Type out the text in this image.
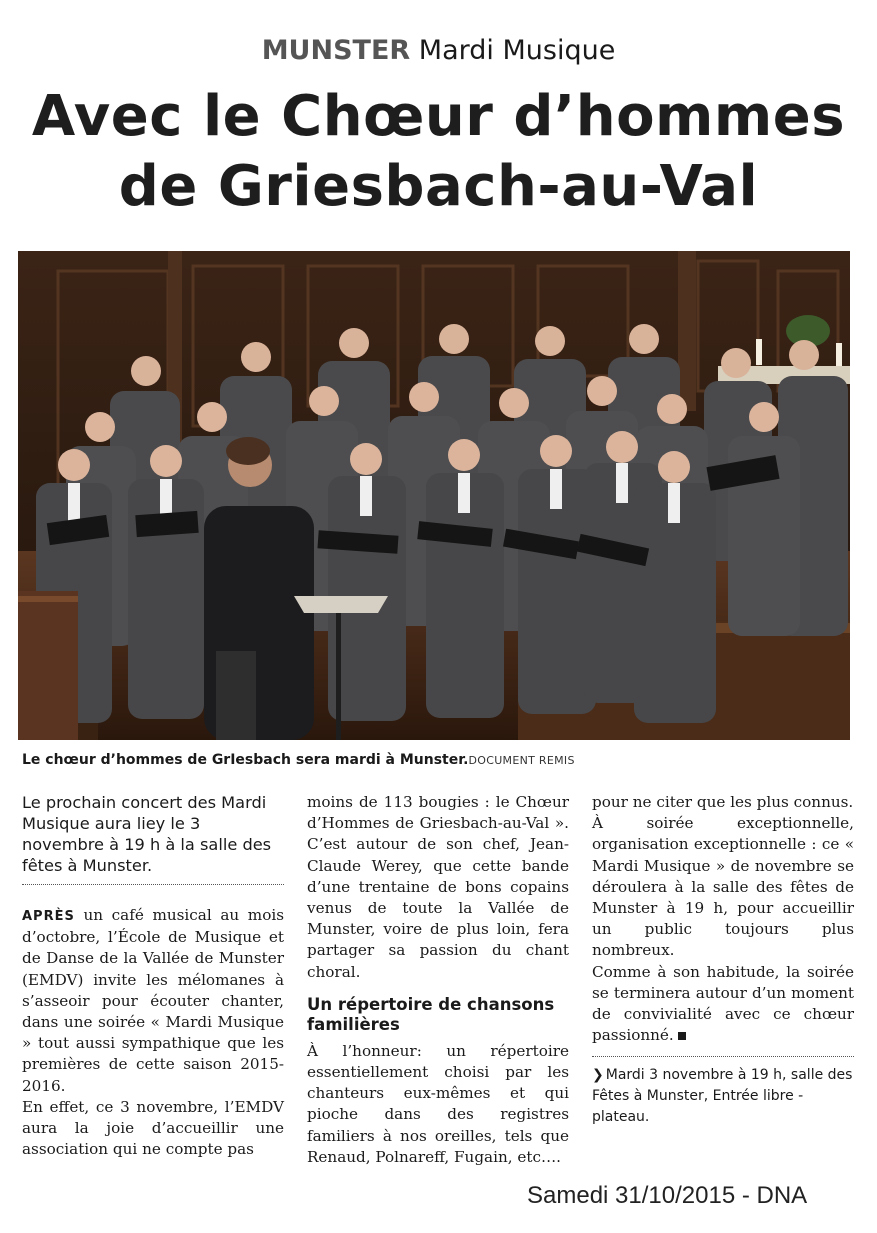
MUNSTER Mardi Musique
Avec le Chœur d’hommes
de Griesbach-au-Val
Le chœur d’hommes de GrIesbach sera mardi à Munster.DOCUMENT REMIS
Le prochain concert des Mardi Musique aura liey le 3 novembre à 19 h à la salle des fêtes à Munster.

APRÈS un café musical au mois d’octobre, l’École de Musique et de Danse de la Vallée de Munster (EMDV) invite les mélomanes à s’asseoir pour écouter chanter, dans une soirée « Mardi Musique » tout aussi sympathique que les premières de cette saison 2015-2016.

En effet, ce 3 novembre, l’EMDV aura la joie d’accueillir une association qui ne compte pas

moins de 113 bougies : le Chœur d’Hommes de Griesbach-au-Val ». C’est autour de son chef, Jean-Claude Werey, que cette bande d’une trentaine de bons copains venus de toute la Vallée de Munster, voire de plus loin, fera partager sa passion du chant choral.

Un répertoire de chansons familières

À l’honneur: un répertoire essentiellement choisi par les chanteurs eux-mêmes et qui pioche dans des registres familiers à nos oreilles, tels que Renaud, Polnareff, Fugain, etc….

pour ne citer que les plus connus.

À soirée exceptionnelle, organisation exceptionnelle : ce « Mardi Musique » de novembre se déroulera à la salle des fêtes de Munster à 19 h, pour accueillir un public toujours plus nombreux.

Comme à son habitude, la soirée se terminera autour d’un moment de convivialité avec ce chœur passionné.

❯ Mardi 3 novembre à 19 h, salle des Fêtes à Munster, Entrée libre - plateau.
Samedi 31/10/2015 - DNA
